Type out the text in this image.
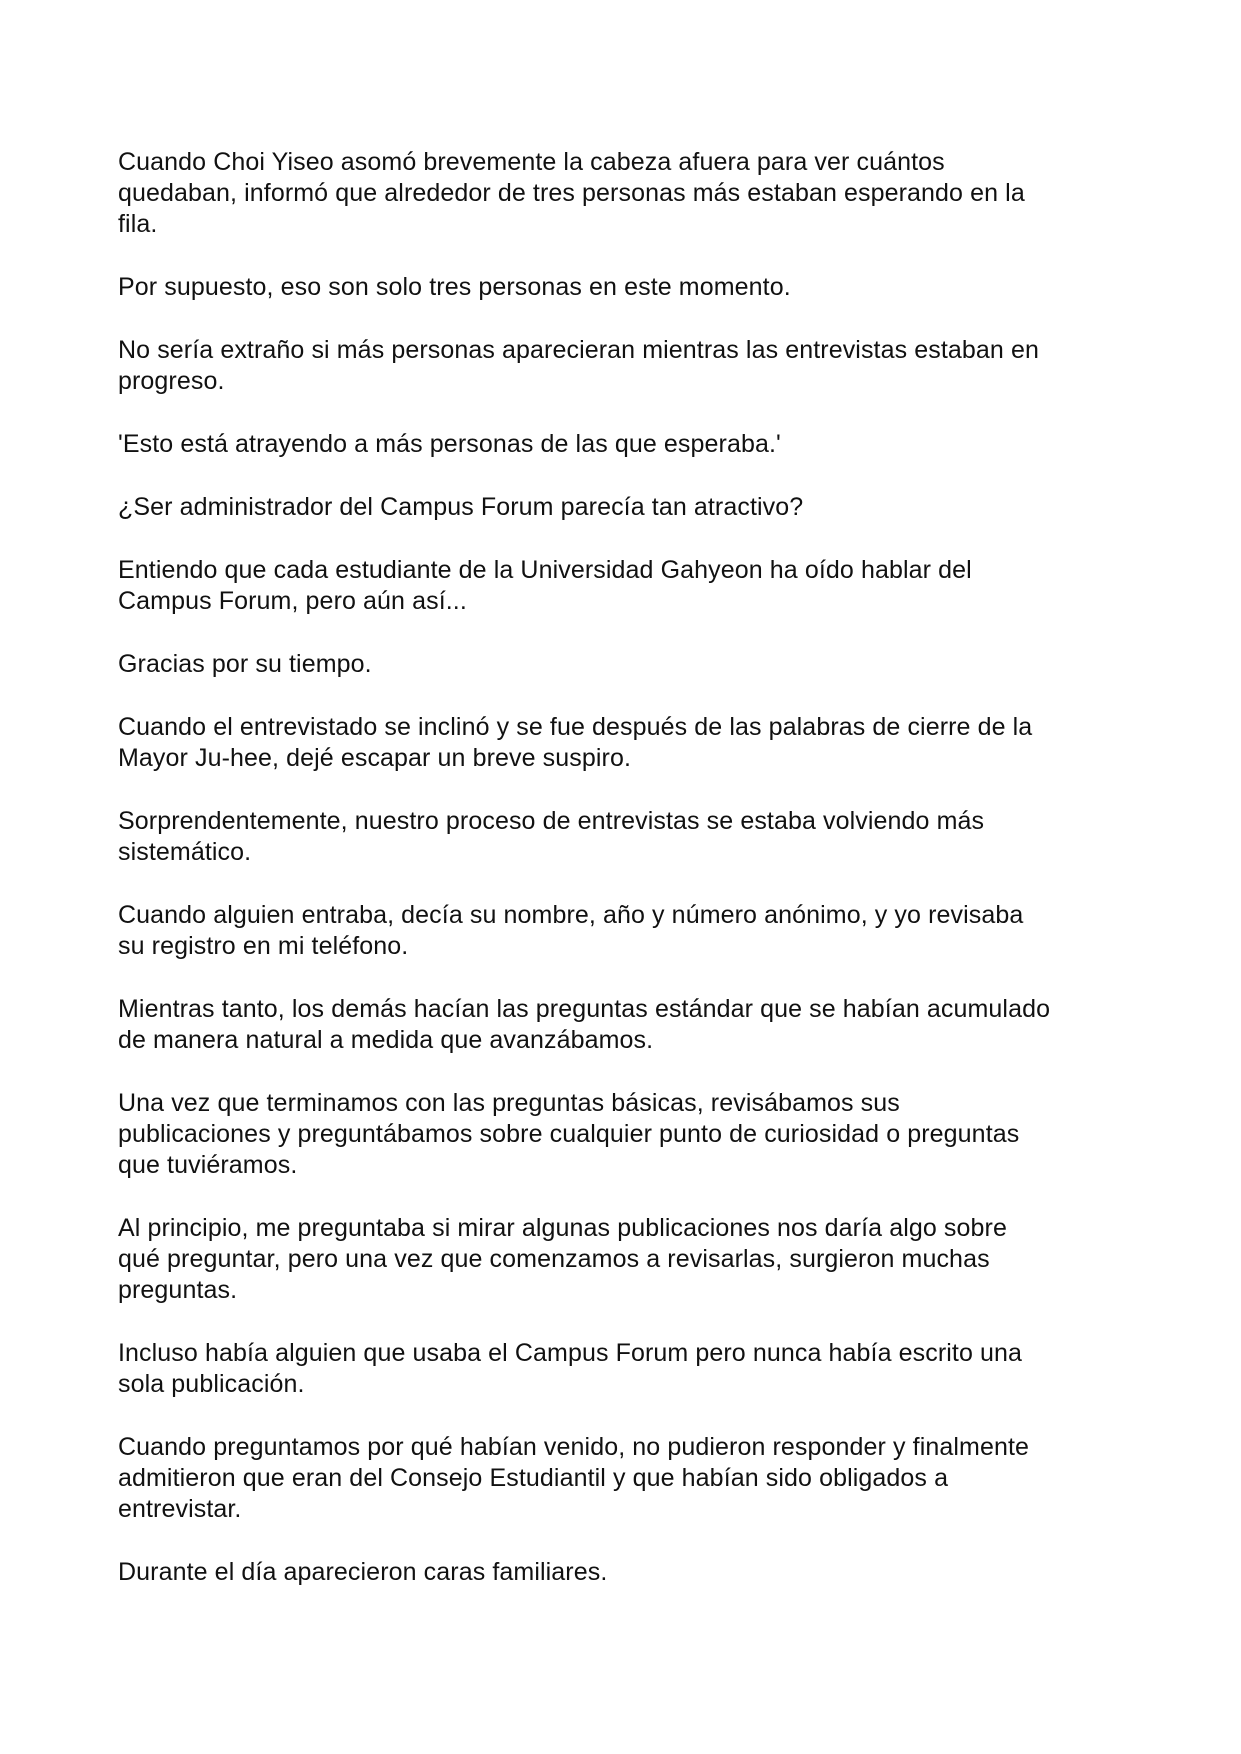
Cuando Choi Yiseo asomó brevemente la cabeza afuera para ver cuántos
quedaban, informó que alrededor de tres personas más estaban esperando en la
fila.

Por supuesto, eso son solo tres personas en este momento.

No sería extraño si más personas aparecieran mientras las entrevistas estaban en
progreso.

'Esto está atrayendo a más personas de las que esperaba.'

¿Ser administrador del Campus Forum parecía tan atractivo?

Entiendo que cada estudiante de la Universidad Gahyeon ha oído hablar del
Campus Forum, pero aún así...

Gracias por su tiempo.

Cuando el entrevistado se inclinó y se fue después de las palabras de cierre de la
Mayor Ju-hee, dejé escapar un breve suspiro.

Sorprendentemente, nuestro proceso de entrevistas se estaba volviendo más
sistemático.

Cuando alguien entraba, decía su nombre, año y número anónimo, y yo revisaba
su registro en mi teléfono.

Mientras tanto, los demás hacían las preguntas estándar que se habían acumulado
de manera natural a medida que avanzábamos.

Una vez que terminamos con las preguntas básicas, revisábamos sus
publicaciones y preguntábamos sobre cualquier punto de curiosidad o preguntas
que tuviéramos.

Al principio, me preguntaba si mirar algunas publicaciones nos daría algo sobre
qué preguntar, pero una vez que comenzamos a revisarlas, surgieron muchas
preguntas.

Incluso había alguien que usaba el Campus Forum pero nunca había escrito una
sola publicación.

Cuando preguntamos por qué habían venido, no pudieron responder y finalmente
admitieron que eran del Consejo Estudiantil y que habían sido obligados a
entrevistar.

Durante el día aparecieron caras familiares.
